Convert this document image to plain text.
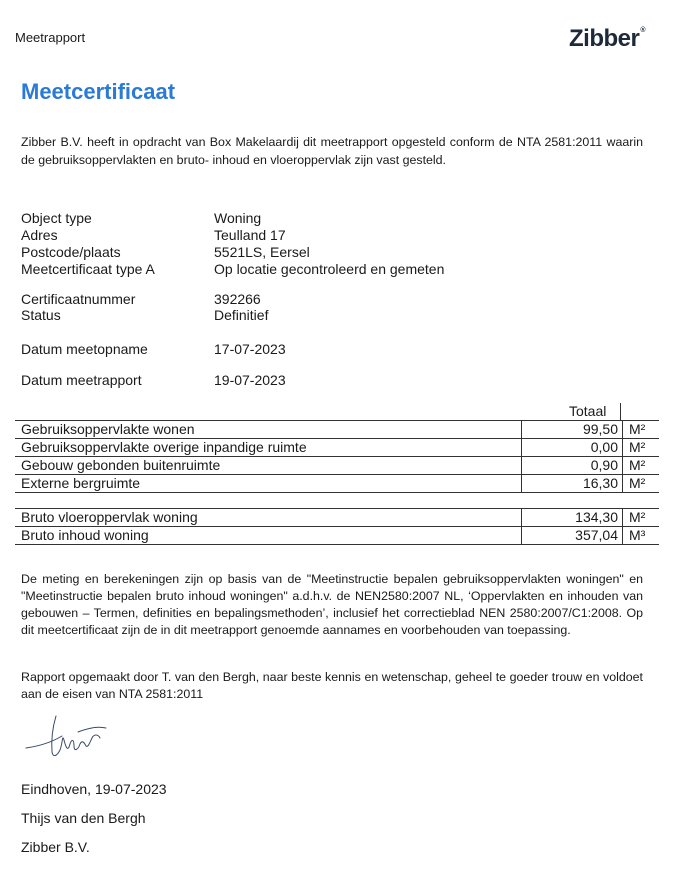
Meetrapport	Zibber®
Meetcertificaat
Zibber B.V. heeft in opdracht van Box Makelaardij dit meetrapport opgesteld conform de NTA 2581:2011 waarin de gebruiksoppervlakten en bruto- inhoud en vloeroppervlak zijn vast gesteld.
Object type	Woning
Adres	Teulland 17
Postcode/plaats	5521LS, Eersel
Meetcertificaat type A	Op locatie gecontroleerd en gemeten
Certificaatnummer	392266
Status	Definitief
Datum meetopname	17-07-2023
Datum meetrapport	19-07-2023
Totaal
Gebruiksoppervlakte wonen	99,50	M²
Gebruiksoppervlakte overige inpandige ruimte	0,00	M²
Gebouw gebonden buitenruimte	0,90	M²
Externe bergruimte	16,30	M²
Bruto vloeroppervlak woning	134,30	M²
Bruto inhoud woning	357,04	M³
De meting en berekeningen zijn op basis van de "Meetinstructie bepalen gebruiksoppervlakten woningen" en "Meetinstructie bepalen bruto inhoud woningen" a.d.h.v. de NEN2580:2007 NL, ‘Oppervlakten en inhouden van gebouwen – Termen, definities en bepalingsmethoden’, inclusief het correctieblad NEN 2580:2007/C1:2008. Op dit meetcertificaat zijn de in dit meetrapport genoemde aannames en voorbehouden van toepassing.
Rapport opgemaakt door T. van den Bergh, naar beste kennis en wetenschap, geheel te goeder trouw en voldoet aan de eisen van NTA 2581:2011
Eindhoven, 19-07-2023
Thijs van den Bergh
Zibber B.V.
